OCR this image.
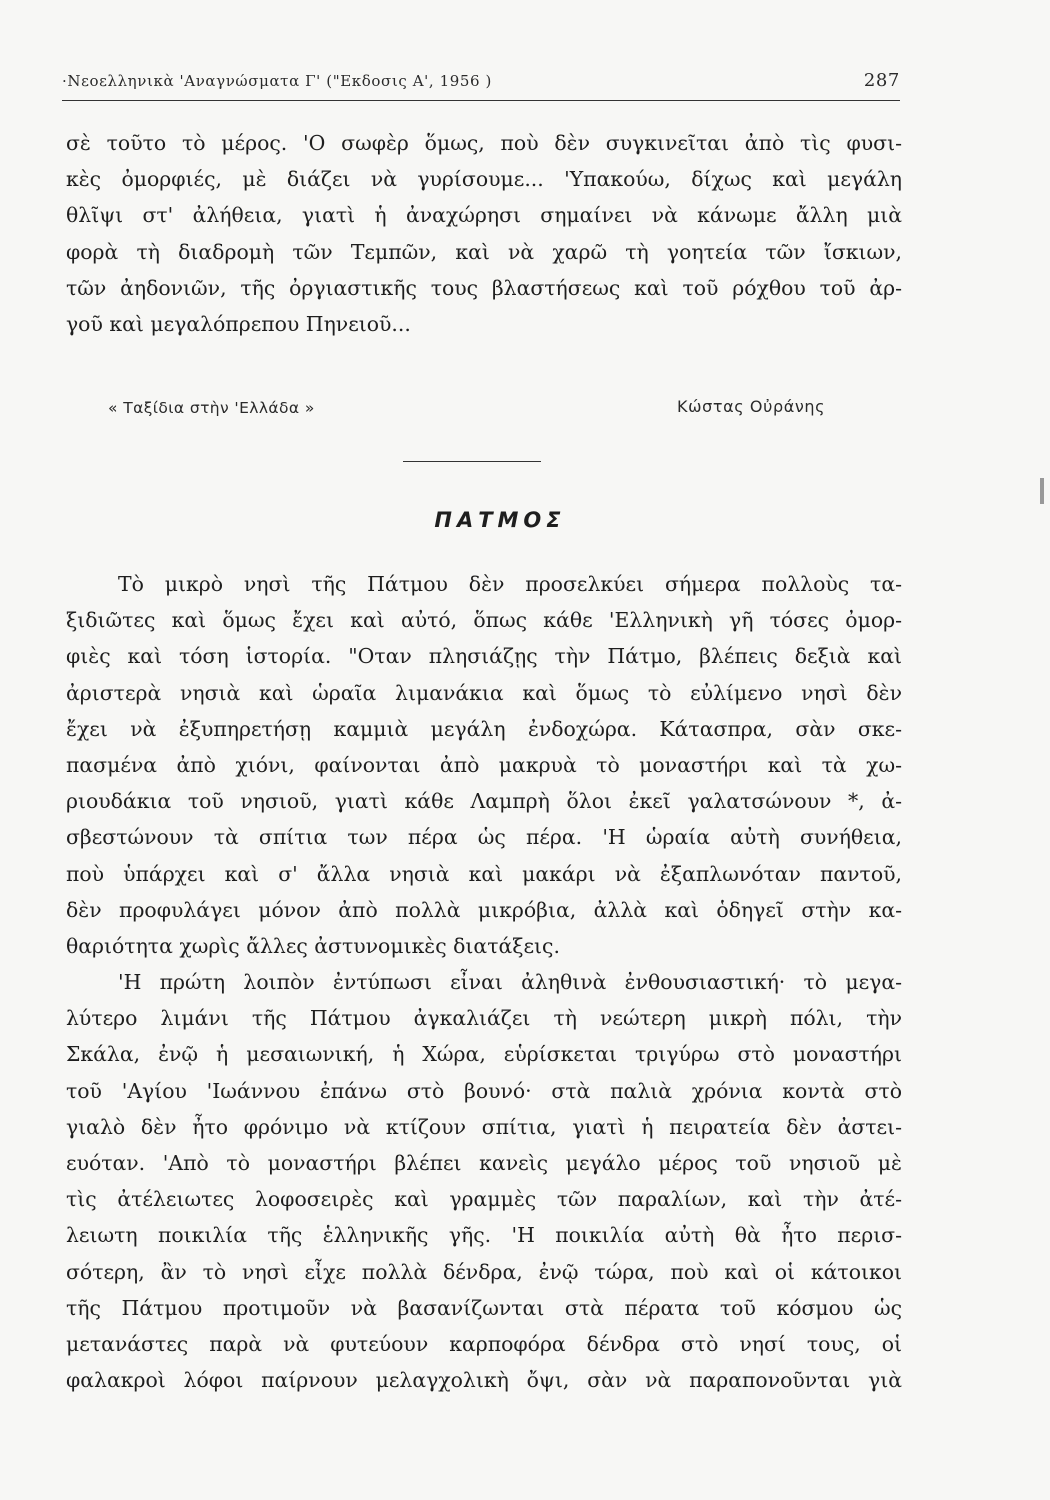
·Νεοελληνικὰ 'Αναγνώσματα Γ' ("Εκδοσις Α', 1956 )	287
σὲ τοῦτο τὸ μέρος. 'Ο σωφὲρ ὅμως, ποὺ δὲν συγκινεῖται ἀπὸ τὶς φυσι-
κὲς ὀμορφιές, μὲ διάζει νὰ γυρίσουμε... 'Υπακούω, δίχως καὶ μεγάλη
θλῖψι στ' ἀλήθεια, γιατὶ ἡ ἀναχώρησι σημαίνει νὰ κάνωμε ἄλλη μιὰ
φορὰ τὴ διαδρομὴ τῶν Τεμπῶν, καὶ νὰ χαρῶ τὴ γοητεία τῶν ἴσκιων,
τῶν ἀηδονιῶν, τῆς ὀργιαστικῆς τους βλαστήσεως καὶ τοῦ ρόχθου τοῦ ἀρ-
γοῦ καὶ μεγαλόπρεπου Πηνειοῦ...
« Ταξίδια στὴν 'Ελλάδα »	Κώστας Οὐράνης
ΠΑΤΜΟΣ
Τὸ μικρὸ νησὶ τῆς Πάτμου δὲν προσελκύει σήμερα πολλοὺς τα-
ξιδιῶτες καὶ ὅμως ἔχει καὶ αὐτό, ὅπως κάθε 'Ελληνικὴ γῆ τόσες ὀμορ-
φιὲς καὶ τόση ἱστορία. "Οταν πλησιάζῃς τὴν Πάτμο, βλέπεις δεξιὰ καὶ
ἀριστερὰ νησιὰ καὶ ὡραῖα λιμανάκια καὶ ὅμως τὸ εὐλίμενο νησὶ δὲν
ἔχει νὰ ἐξυπηρετήσῃ καμμιὰ μεγάλη ἐνδοχώρα. Κάτασπρα, σὰν σκε-
πασμένα ἀπὸ χιόνι, φαίνονται ἀπὸ μακρυὰ τὸ μοναστήρι καὶ τὰ χω-
ριουδάκια τοῦ νησιοῦ, γιατὶ κάθε Λαμπρὴ ὅλοι ἐκεῖ γαλατσώνουν *, ἀ-
σβεστώνουν τὰ σπίτια των πέρα ὡς πέρα. 'Η ὡραία αὐτὴ συνήθεια,
ποὺ ὑπάρχει καὶ σ' ἄλλα νησιὰ καὶ μακάρι νὰ ἐξαπλωνόταν παντοῦ,
δὲν προφυλάγει μόνον ἀπὸ πολλὰ μικρόβια, ἀλλὰ καὶ ὁδηγεῖ στὴν κα-
θαριότητα χωρὶς ἄλλες ἀστυνομικὲς διατάξεις.
'Η πρώτη λοιπὸν ἐντύπωσι εἶναι ἀληθινὰ ἐνθουσιαστική· τὸ μεγα-
λύτερο λιμάνι τῆς Πάτμου ἀγκαλιάζει τὴ νεώτερη μικρὴ πόλι, τὴν
Σκάλα, ἐνῷ ἡ μεσαιωνική, ἡ Χώρα, εὑρίσκεται τριγύρω στὸ μοναστήρι
τοῦ 'Αγίου 'Ιωάννου ἐπάνω στὸ βουνό· στὰ παλιὰ χρόνια κοντὰ στὸ
γιαλὸ δὲν ἦτο φρόνιμο νὰ κτίζουν σπίτια, γιατὶ ἡ πειρατεία δὲν ἀστει-
ευόταν. 'Απὸ τὸ μοναστήρι βλέπει κανεὶς μεγάλο μέρος τοῦ νησιοῦ μὲ
τὶς ἀτέλειωτες λοφοσειρὲς καὶ γραμμὲς τῶν παραλίων, καὶ τὴν ἀτέ-
λειωτη ποικιλία τῆς ἑλληνικῆς γῆς. 'Η ποικιλία αὐτὴ θὰ ἦτο περισ-
σότερη, ἂν τὸ νησὶ εἶχε πολλὰ δένδρα, ἐνῷ τώρα, ποὺ καὶ οἱ κάτοικοι
τῆς Πάτμου προτιμοῦν νὰ βασανίζωνται στὰ πέρατα τοῦ κόσμου ὡς
μετανάστες παρὰ νὰ φυτεύουν καρποφόρα δένδρα στὸ νησί τους, οἱ
φαλακροὶ λόφοι παίρνουν μελαγχολικὴ ὄψι, σὰν νὰ παραπονοῦνται γιὰ
